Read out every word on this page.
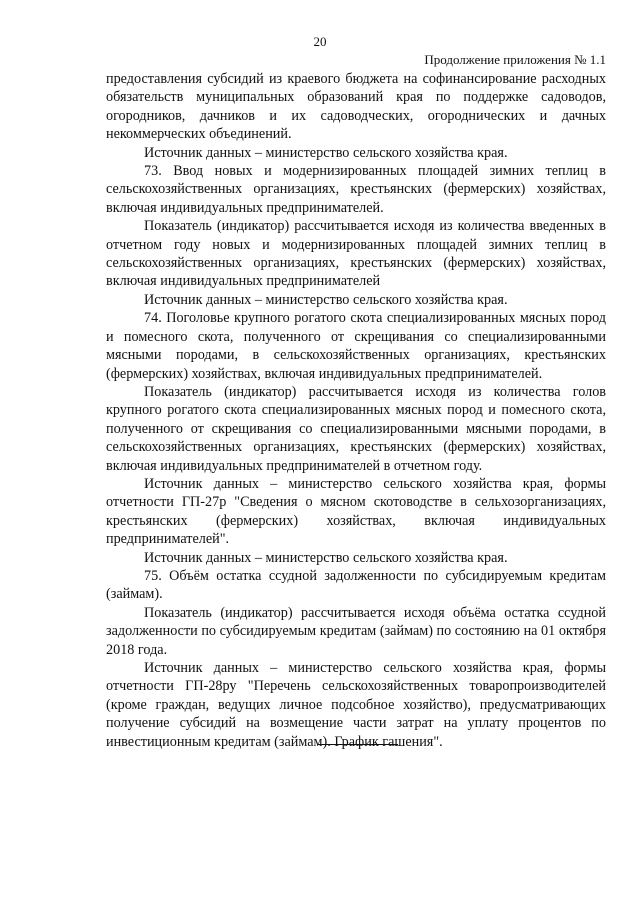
20
Продолжение приложения № 1.1

предоставления субсидий из краевого бюджета на софинансирование расходных обязательств муниципальных образований края по поддержке садоводов, огородников, дачников и их садоводческих, огороднических и дачных некоммерческих объединений.

Источник данных – министерство сельского хозяйства края.

73. Ввод новых и модернизированных площадей зимних теплиц в сельскохозяйственных организациях, крестьянских (фермерских) хозяйствах, включая индивидуальных предпринимателей.

Показатель (индикатор) рассчитывается исходя из количества введенных в отчетном году новых и модернизированных площадей зимних теплиц в сельскохозяйственных организациях, крестьянских (фермерских) хозяйствах, включая индивидуальных предпринимателей

Источник данных – министерство сельского хозяйства края.

74. Поголовье крупного рогатого скота специализированных мясных пород и помесного скота, полученного от скрещивания со специализированными мясными породами, в сельскохозяйственных организациях, крестьянских (фермерских) хозяйствах, включая индивидуальных предпринимателей.

Показатель (индикатор) рассчитывается исходя из количества голов крупного рогатого скота специализированных мясных пород и помесного скота, полученного от скрещивания со специализированными мясными породами, в сельскохозяйственных организациях, крестьянских (фермерских) хозяйствах, включая индивидуальных предпринимателей в отчетном году.

Источник данных – министерство сельского хозяйства края, формы отчетности ГП-27р "Сведения о мясном скотоводстве в сельхозорганизациях, крестьянских (фермерских) хозяйствах, включая индивидуальных предпринимателей".

Источник данных – министерство сельского хозяйства края.

75. Объём остатка ссудной задолженности по субсидируемым кредитам (займам).

Показатель (индикатор) рассчитывается исходя объёма остатка ссудной задолженности по субсидируемым кредитам (займам) по состоянию на 01 октября 2018 года.

Источник данных – министерство сельского хозяйства края, формы отчетности ГП-28ру "Перечень сельскохозяйственных товаропроизводителей (кроме граждан, ведущих личное подсобное хозяйство), предусматривающих получение субсидий на возмещение части затрат на уплату процентов по инвестиционным кредитам (займам). График гашения".
